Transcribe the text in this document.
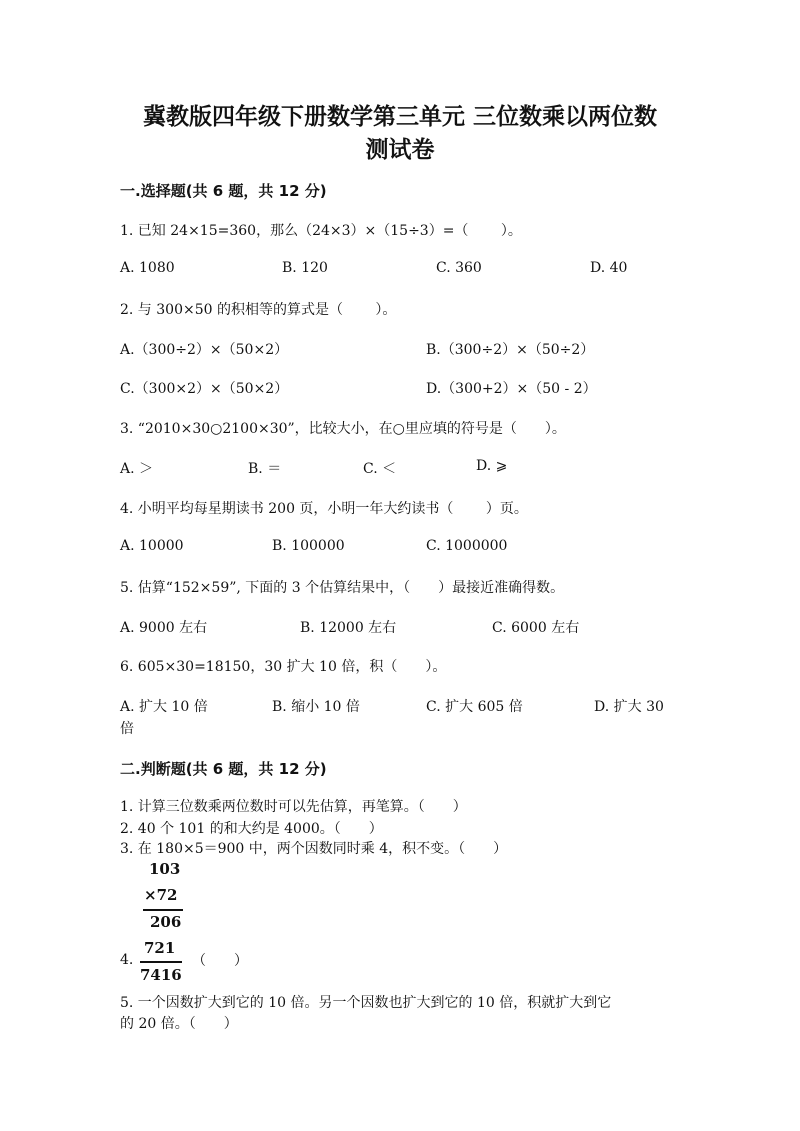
冀教版四年级下册数学第三单元 三位数乘以两位数
测试卷
一.选择题(共 6 题，共 12 分)
1. 已知 24×15=360，那么（24×3）×（15÷3）=（　　 ）。
A. 1080	B. 120	C. 360	D. 40
2. 与 300×50 的积相等的算式是（　　 ）。
A.（300÷2）×（50×2）	B.（300÷2）×（50÷2）
C.（300×2）×（50×2）	D.（300+2）×（50 - 2）
3. “2010×30○2100×30”，比较大小，在○里应填的符号是（　　）。
A. ＞	B. ＝	C. ＜	D. ⩾
4. 小明平均每星期读书 200 页，小明一年大约读书（　　 ）页。
A. 10000	B. 100000	C. 1000000
5. 估算“152×59”, 下面的 3 个估算结果中，（　　）最接近准确得数。
A. 9000 左右	B. 12000 左右	C. 6000 左右
6. 605×30=18150，30 扩大 10 倍，积（　　）。
A. 扩大 10 倍	B. 缩小 10 倍	C. 扩大 605 倍	D. 扩大 30
倍
二.判断题(共 6 题，共 12 分)
1. 计算三位数乘两位数时可以先估算，再笔算。（　　）
2. 40 个 101 的和大约是 4000。（　　）
3. 在 180×5＝900 中，两个因数同时乘 4，积不变。（　　）
103
×72
206
4.
721
（　　）
7416
5. 一个因数扩大到它的 10 倍。另一个因数也扩大到它的 10 倍，积就扩大到它
的 20 倍。（　　）
